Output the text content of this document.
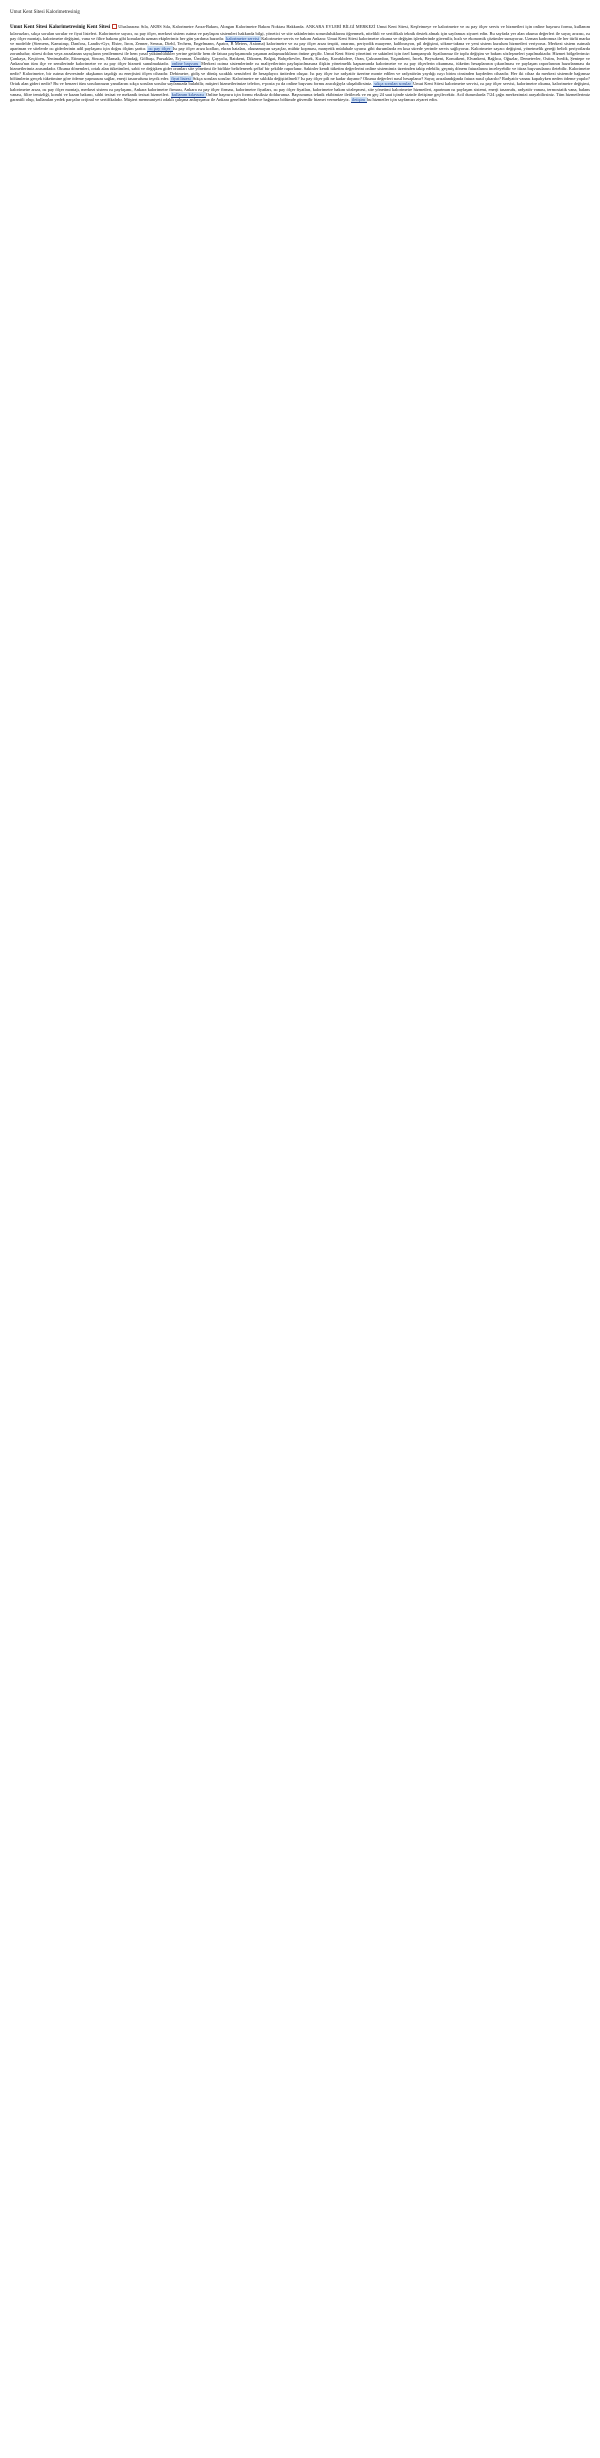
Umut Kent Sitesi Kalorimetresinig
Umut Kent Sitesi Kalorimetresinig Kent Sitesi  Uluslararası Sıla, AKBS Sıla, Kalorimetre Arıza-Bakım, Alıngan Kalorimetre Bakım Noktası Hakkında. ANKARA EVLERİ BİLGİ MERKEZİ Umut Kent Sitesi, Keşfetmeye ve kalorimetre ve ısı pay ölçer servis ve hizmetleri için online başvuru formu, kullanım kılavuzları, sıkça sorulan sorular ve fiyat listeleri. Kalorimetre sayacı, ısı pay ölçer, merkezi sistem ısıtma ve paylaşım sistemleri hakkında bilgi, yönetici ve site sakinlerinin sorumluluklarını öğrenmek, nitelikli ve sertifikalı teknik destek almak için sayfamızı ziyaret edin. Bu sayfada yer alan okuma değerleri ile sayaç arızası, ısı pay ölçer montajı, kalorimetre değişimi, vana ve filtre bakımı gibi konularda uzman ekiplerimiz her gün yardıma hazırdır. kalorimetre servisi Kalorimetre servis ve bakım Ankara: Umut Kent Sitesi kalorimetre okuma ve değişim işlemlerinde güvenilir, hızlı ve ekonomik çözümler sunuyoruz. Uzman kadromuz ile her türlü marka ve modelde (Siemens, Kamstrup, Danfoss, Landis+Gyr, Elster, Itron, Zenner, Sensus, Diehl, Techem, Engelmann, Apator, B Meters, Axioma) kalorimetre ve ısı pay ölçer arıza tespiti, onarımı, periyodik muayene, kalibrasyon, pil değişimi, sökme-takma ve yeni sistem kurulum hizmetleri veriyoruz. Merkezi sistem ısıtmalı apartman ve sitelerde ısı giderlerinin adil paylaşımı için doğru ölçüm şarttır. ısı pay ölçer Isı pay ölçer arıza kodları, ekran hataları, okunamayan sayaçlar, mühür kopması, manyetik müdahale uyarısı gibi durumlarda en kısa sürede yerinde servis sağlıyoruz. Kalorimetre sayacı değişimi, yönetmelik gereği belirli periyotlarda zorunludur; süresi dolan veya arızalanan sayaçların yenilenmesi ile hem yasal yükümlülükler yerine getirilir hem de fatura paylaşımında yaşanan anlaşmazlıkların önüne geçilir. Umut Kent Sitesi yönetimi ve sakinleri için özel kampanyalı fiyatlarımız ile toplu değişim ve bakım sözleşmeleri yapılmaktadır. Hizmet bölgelerimiz: Çankaya, Keçiören, Yenimahalle, Etimesgut, Sincan, Mamak, Altındağ, Gölbaşı, Pursaklar, Eryaman, Ümitköy, Çayyolu, Batıkent, Dikmen, Balgat, Bahçelievler, Emek, Kızılay, Kavaklıdere, Oran, Çukurambar, Yaşamkent, İncek, Beysukent, Konutkent, Elvankent, Bağlıca, Oğuzlar, Demetevler, Ostim, Ivedik, Şentepe ve Ankara'nın tüm ilçe ve semtlerinde kalorimetre ve ısı pay ölçer hizmeti sunulmaktadır. online başvuru Merkezi ısıtma sistemlerinde ısı maliyetlerinin paylaştırılmasına ilişkin yönetmelik kapsamında kalorimetre ve ısı pay ölçerlerin okunması, tüketim hesaplarının çıkarılması ve paylaşım raporlarının hazırlanması da hizmetlerimiz arasındadır. Okuma dönemleri, ortak alan tüketimleri, sabit ve değişken gider oranları site yönetimi ile birlikte belirlenerek şeffaf bir şekilde raporlanır. Sakinler kendi tüketim değerlerini online sistemimiz üzerinden takip edebilir, geçmiş dönem faturalarını inceleyebilir ve itiraz başvurularını iletebilir. Kalorimetre nedir? Kalorimetre, bir ısıtma devresinde akışkanın taşıdığı ısı enerjisini ölçen cihazdır. Debimetre, gidiş ve dönüş sıcaklık sensörleri ile hesaplayıcı üniteden oluşur. Isı pay ölçer ise radyatör üzerine monte edilen ve radyatörün yaydığı ısıyı birim cinsinden kaydeden cihazdır. Her iki cihaz da merkezi sistemde bağımsız bölümlerin gerçek tüketimine göre ödeme yapmasını sağlar, enerji tasarrufunu teşvik eder. fiyat listesi Sıkça sorulan sorular: Kalorimetre ne sıklıkla değiştirilmeli? Isı pay ölçer pili ne kadar dayanır? Okuma değerleri nasıl hesaplanır? Sayaç arızalandığında fatura nasıl çıkarılır? Radyatör vanası kapalıyken neden ödeme yapılır? Ortak alan gideri nedir? Bu ve benzeri tüm sorularınızın yanıtlarını sıkça sorulan sorular sayfamızda bulabilir, müşteri hizmetlerimize telefon, e-posta ya da online başvuru formu aracılığıyla ulaşabilirsiniz. sıkça sorulan sorular Umut Kent Sitesi kalorimetre servisi, ısı pay ölçer servisi, kalorimetre okuma, kalorimetre değişimi, kalorimetre arıza, ısı pay ölçer montajı, merkezi sistem ısı paylaşımı, Ankara kalorimetre firması, Ankara ısı pay ölçer firması, kalorimetre fiyatları, ısı pay ölçer fiyatları, kalorimetre bakım sözleşmesi, site yönetimi kalorimetre hizmetleri, apartman ısı paylaşım sistemi, enerji tasarrufu, radyatör vanası, termostatik vana, balans vanası, filtre temizliği, kombi ve kazan bakımı, sıhhi tesisat ve mekanik tesisat hizmetleri. kullanım kılavuzu Online başvuru için formu eksiksiz doldurunuz. Başvurunuz teknik ekibimize iletilecek ve en geç 24 saat içinde sizinle iletişime geçilecektir. Acil durumlarda 7/24 çağrı merkezimizi arayabilirsiniz. Tüm hizmetlerimiz garantili olup, kullanılan yedek parçalar orijinal ve sertifikalıdır. Müşteri memnuniyeti odaklı çalışma anlayışımız ile Ankara genelinde binlerce bağımsız bölümde güvenilir hizmet vermekteyiz. iletişim bu hizmetler için sayfamızı ziyaret edin.
